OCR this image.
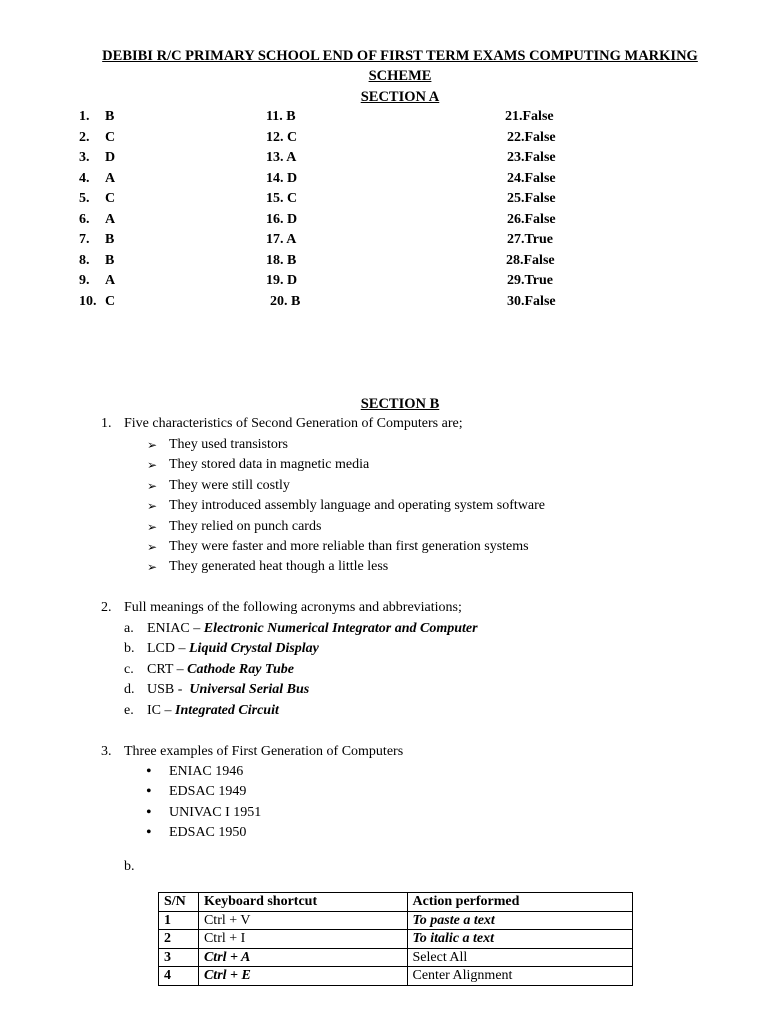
DEBIBI R/C PRIMARY SCHOOL END OF FIRST TERM EXAMS COMPUTING MARKING
SCHEME
SECTION A
1. B
2. C
3. D
4. A
5. C
6. A
7. B
8. B
9. A
10. C
11. B
12. C
13. A
14. D
15. C
16. D
17. A
18. B
19. D
20. B
21.False
22.False
23.False
24.False
25.False
26.False
27.True
28.False
29.True
30.False
SECTION B
1. Five characteristics of Second Generation of Computers are;
➢ They used transistors
➢ They stored data in magnetic media
➢ They were still costly
➢ They introduced assembly language and operating system software
➢ They relied on punch cards
➢ They were faster and more reliable than first generation systems
➢ They generated heat though a little less
2. Full meanings of the following acronyms and abbreviations;
a. ENIAC – Electronic Numerical Integrator and Computer
b. LCD – Liquid Crystal Display
c. CRT – Cathode Ray Tube
d. USB -  Universal Serial Bus
e. IC – Integrated Circuit
3. Three examples of First Generation of Computers
• ENIAC 1946
• EDSAC 1949
• UNIVAC I 1951
• EDSAC 1950
b.
S/N	Keyboard shortcut	Action performed
1	Ctrl + V	To paste a text
2	Ctrl + I	To italic a text
3	Ctrl + A	Select All
4	Ctrl + E	Center Alignment
